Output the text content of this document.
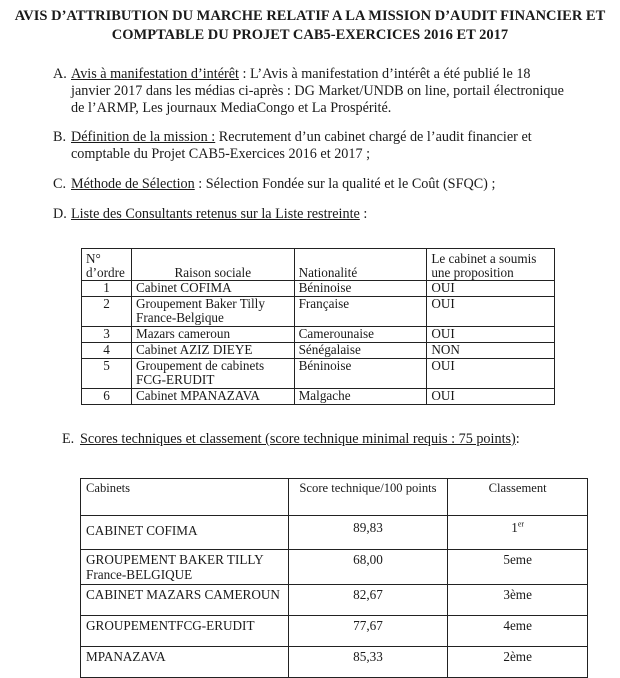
AVIS D’ATTRIBUTION DU MARCHE RELATIF A LA MISSION D’AUDIT FINANCIER ET
COMPTABLE DU PROJET CAB5-EXERCICES 2016 ET 2017
A. Avis à manifestation d’intérêt : L’Avis à manifestation d’intérêt a été publié le 18 janvier 2017 dans les médias ci-après : DG Market/UNDB on line, portail électronique de l’ARMP, Les journaux MediaCongo et La Prospérité.
B. Définition de la mission : Recrutement d’un cabinet chargé de l’audit financier et comptable du Projet CAB5-Exercices 2016 et 2017 ;
C. Méthode de Sélection : Sélection Fondée sur la qualité et le Coût (SFQC) ;
D. Liste des Consultants retenus sur la Liste restreinte :
N° d’ordre	Raison sociale	Nationalité	Le cabinet a soumis une proposition
1	Cabinet COFIMA	Béninoise	OUI
2	Groupement Baker Tilly France-Belgique	Française	OUI
3	Mazars cameroun	Camerounaise	OUI
4	Cabinet AZIZ DIEYE	Sénégalaise	NON
5	Groupement de cabinets FCG-ERUDIT	Béninoise	OUI
6	Cabinet MPANAZAVA	Malgache	OUI
E. Scores techniques et classement (score technique minimal requis : 75 points):
Cabinets	Score technique/100 points	Classement
CABINET COFIMA	89,83	1er
GROUPEMENT BAKER TILLY France-BELGIQUE	68,00	5eme
CABINET MAZARS CAMEROUN	82,67	3ème
GROUPEMENTFCG-ERUDIT	77,67	4eme
MPANAZAVA	85,33	2ème
